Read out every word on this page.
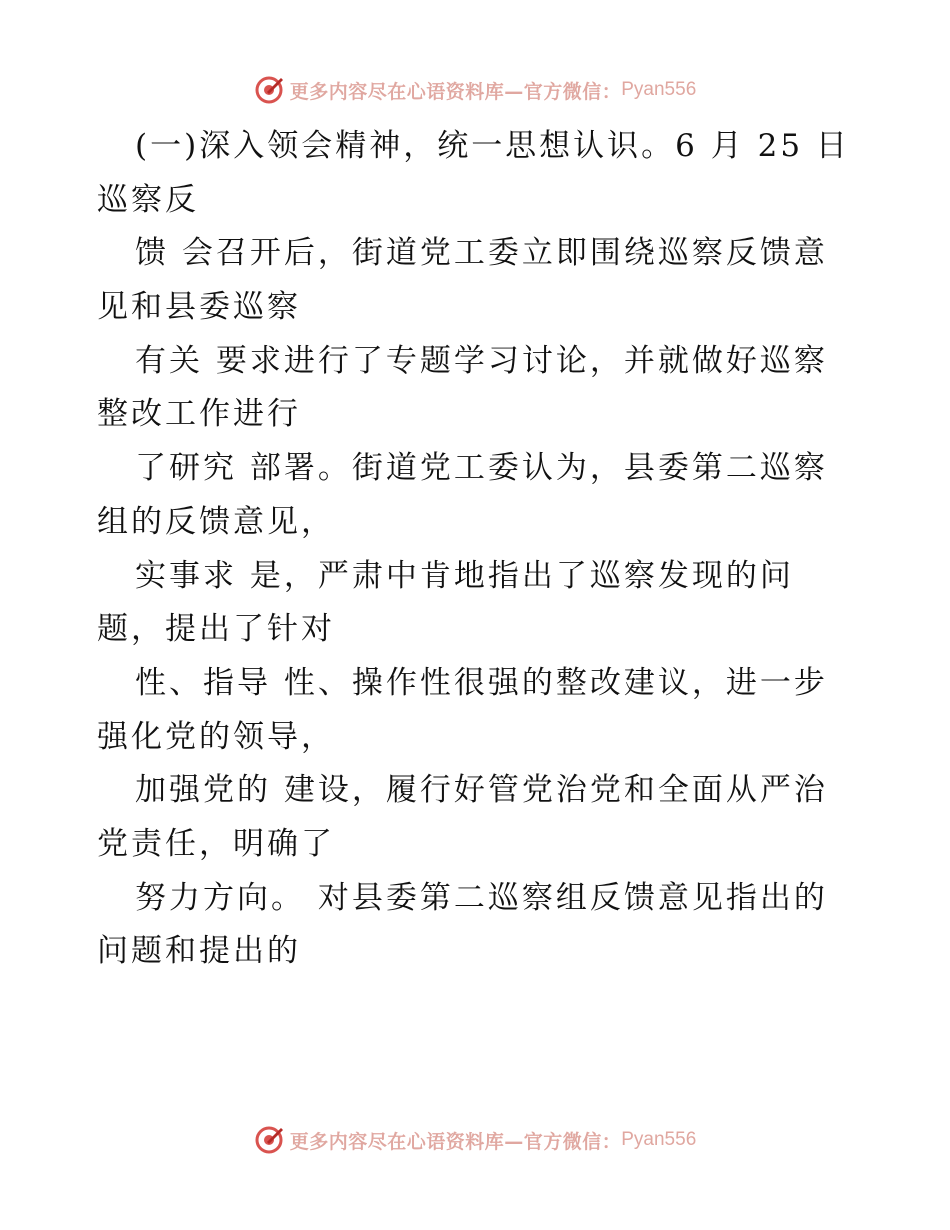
更多内容尽在心语资料库—官方微信： Pyan556
(一)深入领会精神，统一思想认识。6 月 25 日
巡察反
馈 会召开后，街道党工委立即围绕巡察反馈意
见和县委巡察
有关 要求进行了专题学习讨论，并就做好巡察
整改工作进行
了研究 部署。街道党工委认为，县委第二巡察
组的反馈意见，
实事求 是，严肃中肯地指出了巡察发现的问
题，提出了针对
性、指导 性、操作性很强的整改建议，进一步
强化党的领导，
加强党的 建设，履行好管党治党和全面从严治
党责任，明确了
努力方向。 对县委第二巡察组反馈意见指出的
问题和提出的
更多内容尽在心语资料库—官方微信： Pyan556
